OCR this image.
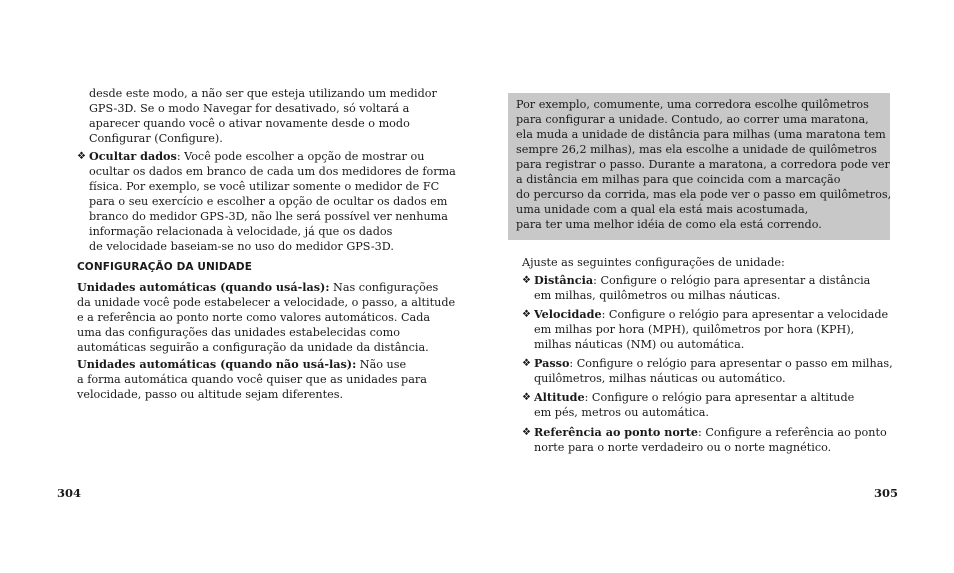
desde este modo, a não ser que esteja utilizando um medidor
GPS-3D. Se o modo Navegar for desativado, só voltará a
aparecer quando você o ativar novamente desde o modo
Configurar (Configure).
❖ Ocultar dados: Você pode escolher a opção de mostrar ou
ocultar os dados em branco de cada um dos medidores de forma
física. Por exemplo, se você utilizar somente o medidor de FC
para o seu exercício e escolher a opção de ocultar os dados em
branco do medidor GPS-3D, não lhe será possível ver nenhuma
informação relacionada à velocidade, já que os dados
de velocidade baseiam-se no uso do medidor GPS-3D.
CONFIGURAÇÃO DA UNIDADE
Unidades automáticas (quando usá-las): Nas configurações
da unidade você pode estabelecer a velocidade, o passo, a altitude
e a referência ao ponto norte como valores automáticos. Cada
uma das configurações das unidades estabelecidas como
automáticas seguirão a configuração da unidade da distância.
Unidades automáticas (quando não usá-las): Não use
a forma automática quando você quiser que as unidades para
velocidade, passo ou altitude sejam diferentes.
304
Por exemplo, comumente, uma corredora escolhe quilômetros
para configurar a unidade. Contudo, ao correr uma maratona,
ela muda a unidade de distância para milhas (uma maratona tem
sempre 26,2 milhas), mas ela escolhe a unidade de quilômetros
para registrar o passo. Durante a maratona, a corredora pode ver
a distância em milhas para que coincida com a marcação
do percurso da corrida, mas ela pode ver o passo em quilômetros,
uma unidade com a qual ela está mais acostumada,
para ter uma melhor idéia de como ela está correndo.
Ajuste as seguintes configurações de unidade:
❖ Distância: Configure o relógio para apresentar a distância
em milhas, quilômetros ou milhas náuticas.
❖ Velocidade: Configure o relógio para apresentar a velocidade
em milhas por hora (MPH), quilômetros por hora (KPH),
milhas náuticas (NM) ou automática.
❖ Passo: Configure o relógio para apresentar o passo em milhas,
quilômetros, milhas náuticas ou automático.
❖ Altitude: Configure o relógio para apresentar a altitude
em pés, metros ou automática.
❖ Referência ao ponto norte: Configure a referência ao ponto
norte para o norte verdadeiro ou o norte magnético.
305
